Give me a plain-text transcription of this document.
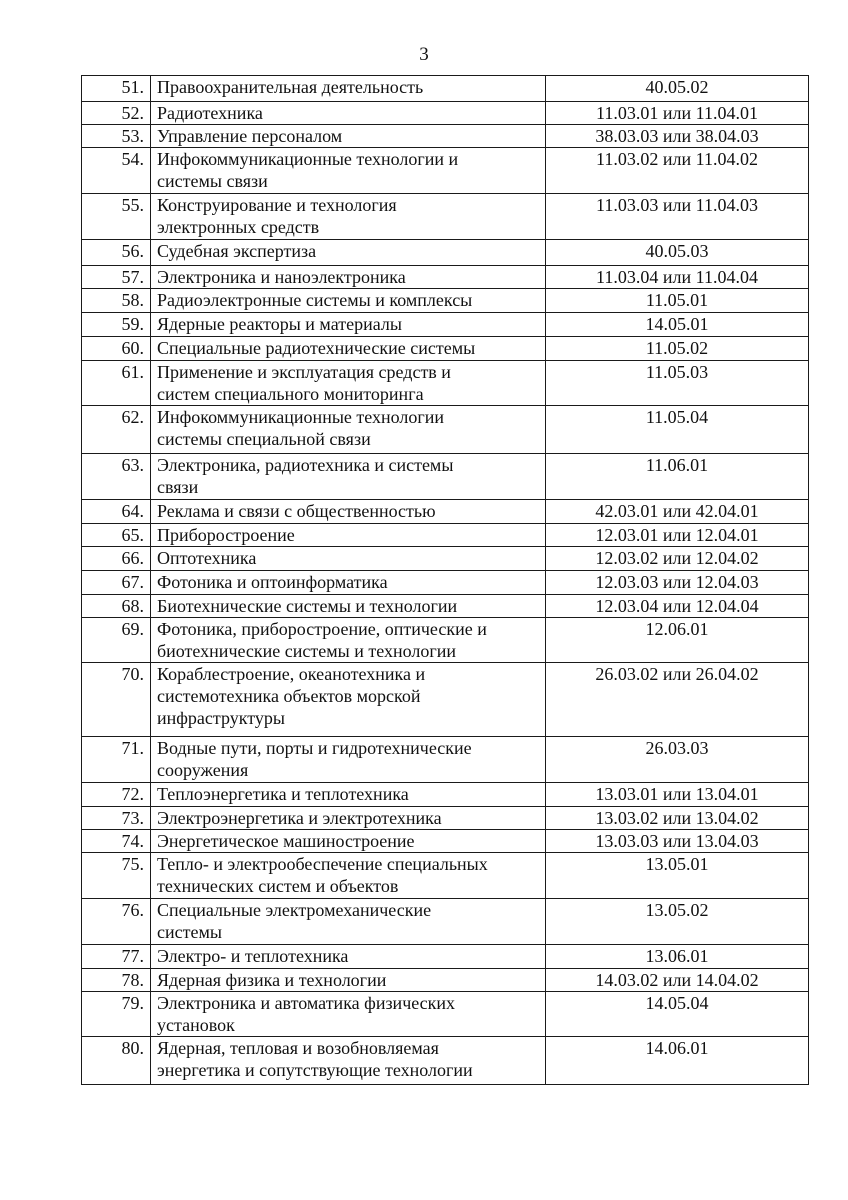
3
51.	Правоохранительная деятельность	40.05.02
52.	Радиотехника	11.03.01 или 11.04.01
53.	Управление персоналом	38.03.03 или 38.04.03
54.	Инфокоммуникационные технологии и
системы связи	11.03.02 или 11.04.02
55.	Конструирование и технология
электронных средств	11.03.03 или 11.04.03
56.	Судебная экспертиза	40.05.03
57.	Электроника и наноэлектроника	11.03.04 или 11.04.04
58.	Радиоэлектронные системы и комплексы	11.05.01
59.	Ядерные реакторы и материалы	14.05.01
60.	Специальные радиотехнические системы	11.05.02
61.	Применение и эксплуатация средств и
систем специального мониторинга	11.05.03
62.	Инфокоммуникационные технологии
системы специальной связи	11.05.04
63.	Электроника, радиотехника и системы
связи	11.06.01
64.	Реклама и связи с общественностью	42.03.01 или 42.04.01
65.	Приборостроение	12.03.01 или 12.04.01
66.	Оптотехника	12.03.02 или 12.04.02
67.	Фотоника и оптоинформатика	12.03.03 или 12.04.03
68.	Биотехнические системы и технологии	12.03.04 или 12.04.04
69.	Фотоника, приборостроение, оптические и
биотехнические системы и технологии	12.06.01
70.	Кораблестроение, океанотехника и
системотехника объектов морской
инфраструктуры	26.03.02 или 26.04.02
71.	Водные пути, порты и гидротехнические
сооружения	26.03.03
72.	Теплоэнергетика и теплотехника	13.03.01 или 13.04.01
73.	Электроэнергетика и электротехника	13.03.02 или 13.04.02
74.	Энергетическое машиностроение	13.03.03 или 13.04.03
75.	Тепло- и электрообеспечение специальных
технических систем и объектов	13.05.01
76.	Специальные электромеханические
системы	13.05.02
77.	Электро- и теплотехника	13.06.01
78.	Ядерная физика и технологии	14.03.02 или 14.04.02
79.	Электроника и автоматика физических
установок	14.05.04
80.	Ядерная, тепловая и возобновляемая
энергетика и сопутствующие технологии	14.06.01
